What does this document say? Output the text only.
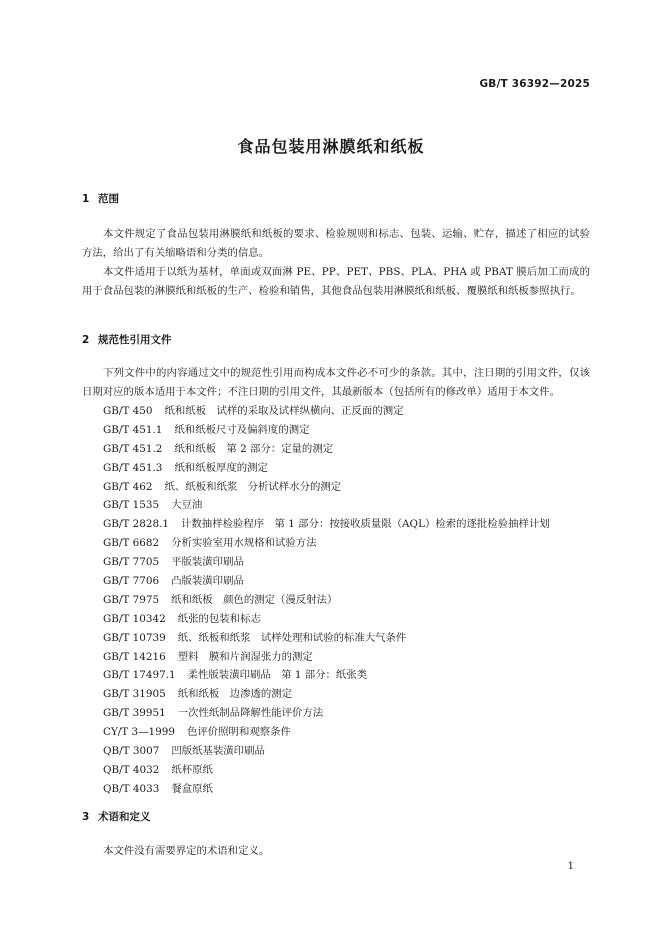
GB/T 36392—2025
食品包装用淋膜纸和纸板
1 范围

本文件规定了食品包装用淋膜纸和纸板的要求、检验规则和标志、包装、运输、贮存，描述了相应的试验方法，给出了有关缩略语和分类的信息。

本文件适用于以纸为基材，单面或双面淋 PE、PP、PET、PBS、PLA、PHA 或 PBAT 膜后加工而成的用于食品包装的淋膜纸和纸板的生产、检验和销售，其他食品包装用淋膜纸和纸板、覆膜纸和纸板参照执行。

2 规范性引用文件

下列文件中的内容通过文中的规范性引用而构成本文件必不可少的条款。其中，注日期的引用文件，仅该日期对应的版本适用于本文件；不注日期的引用文件，其最新版本（包括所有的修改单）适用于本文件。

GB/T 450 纸和纸板　试样的采取及试样纵横向、正反面的测定
GB/T 451.1 纸和纸板尺寸及偏斜度的测定
GB/T 451.2 纸和纸板　第 2 部分：定量的测定
GB/T 451.3 纸和纸板厚度的测定
GB/T 462 纸、纸板和纸浆　分析试样水分的测定
GB/T 1535 大豆油
GB/T 2828.1 计数抽样检验程序　第 1 部分：按接收质量限（AQL）检索的逐批检验抽样计划
GB/T 6682 分析实验室用水规格和试验方法
GB/T 7705 平版装潢印刷品
GB/T 7706 凸版装潢印刷品
GB/T 7975 纸和纸板　颜色的测定（漫反射法）
GB/T 10342 纸张的包装和标志
GB/T 10739 纸、纸板和纸浆　试样处理和试验的标准大气条件
GB/T 14216 塑料　膜和片润湿张力的测定
GB/T 17497.1 柔性版装潢印刷品　第 1 部分：纸张类
GB/T 31905 纸和纸板　边渗透的测定
GB/T 39951 一次性纸制品降解性能评价方法
CY/T 3—1999 色评价照明和观察条件
QB/T 3007 凹版纸基装潢印刷品
QB/T 4032 纸杯原纸
QB/T 4033 餐盒原纸
3 术语和定义

本文件没有需要界定的术语和定义。

1
